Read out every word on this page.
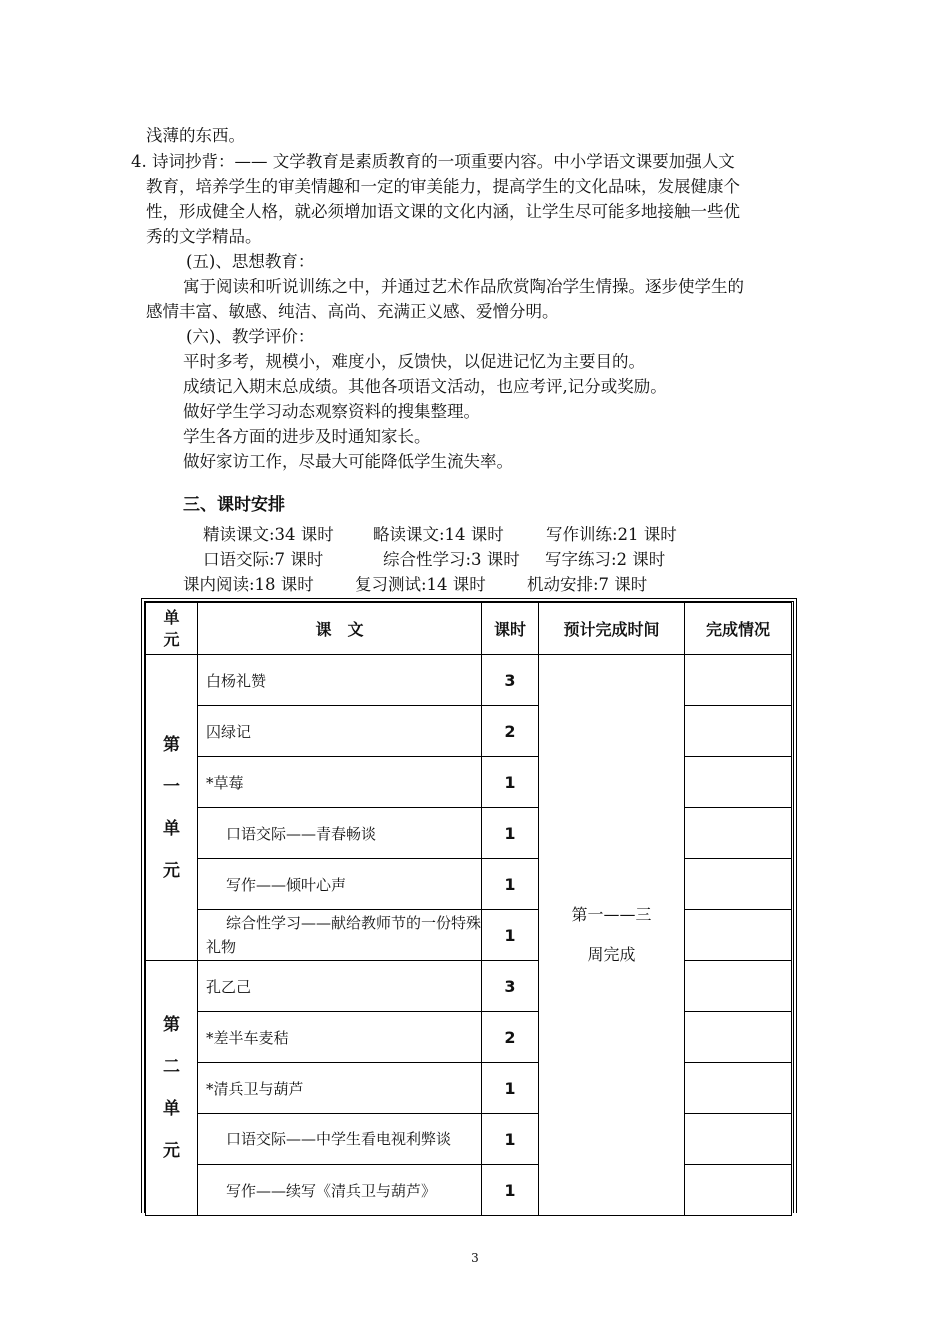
浅薄的东西。
4. 诗词抄背：—— 文学教育是素质教育的一项重要内容。中小学语文课要加强人文
教育，培养学生的审美情趣和一定的审美能力，提高学生的文化品味，发展健康个
性，形成健全人格，就必须增加语文课的文化内涵，让学生尽可能多地接触一些优
秀的文学精品。
(五)、思想教育：
寓于阅读和听说训练之中，并通过艺术作品欣赏陶冶学生情操。逐步使学生的
感情丰富、敏感、纯洁、高尚、充满正义感、爱憎分明。
(六)、教学评价：
平时多考，规模小，难度小，反馈快，以促进记忆为主要目的。
成绩记入期末总成绩。其他各项语文活动，也应考评,记分或奖励。
做好学生学习动态观察资料的搜集整理。
学生各方面的进步及时通知家长。
做好家访工作，尽最大可能降低学生流失率。
三、课时安排
精读课文:34 课时 略读课文:14 课时	写作训练:21 课时
口语交际:7 课时	综合性学习:3 课时 写字练习:2 课时
课内阅读:18 课时 复习测试:14 课时 机动安排:7 课时
单元	课　文	课时	预计完成时间	完成情况

第
一
单
元	白杨礼赞	3	第一——三
周完成	

	囚绿记	2		
	*草莓	1		
	口语交际——青春畅谈	1		
	写作——倾叶心声	1		
	综合性学习——献给教师节的一份特殊礼物	1		

第
二
单
元	孔乙己	3		
	*差半车麦秸	2		
	*清兵卫与葫芦	1		
	口语交际——中学生看电视利弊谈	1		
	写作——续写《清兵卫与葫芦》	1		
3
